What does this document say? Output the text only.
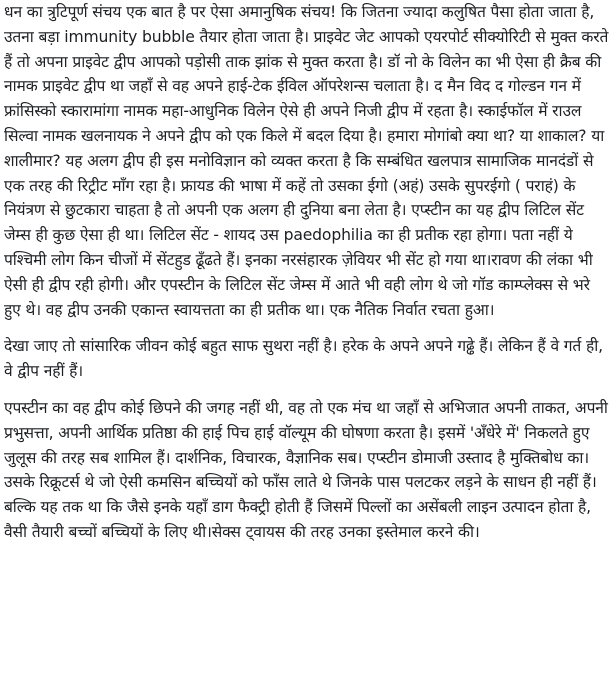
धन का त्रुटिपूर्ण संचय एक बात है पर ऐसा अमानुषिक संचय! कि जितना ज्यादा कलुषित पैसा होता जाता है, उतना बड़ा immunity bubble तैयार होता जाता है। प्राइवेट जेट आपको एयरपोर्ट सीक्योरिटी से मुक्त करते हैं तो अपना प्राइवेट द्वीप आपको पड़ोसी ताक झांक से मुक्त करता है। डॉ नो के विलेन का भी ऐसा ही क्रैब की नामक प्राइवेट द्वीप था जहाँ से वह अपने हाई-टेक ईविल ऑपरेशन्स चलाता है। द मैन विद द गोल्डन गन में फ्रांसिस्को स्कारामांगा नामक महा-आधुनिक विलेन ऐसे ही अपने निजी द्वीप में रहता है। स्काईफॉल में राउल सिल्वा नामक खलनायक ने अपने द्वीप को एक किले में बदल दिया है। हमारा मोगांबो क्या था? या शाकाल? या शालीमार? यह अलग द्वीप ही इस मनोविज्ञान को व्यक्त करता है कि सम्बंधित खलपात्र सामाजिक मानदंडों से एक तरह की रिट्रीट माँग रहा है। फ्रायड की भाषा में कहें तो उसका ईगो (अहं) उसके सुपरईगो ( पराहं) के नियंत्रण से छुटकारा चाहता है तो अपनी एक अलग ही दुनिया बना लेता है। एप्स्टीन का यह द्वीप लिटिल सेंट जेम्स ही कुछ ऐसा ही था। लिटिल सेंट - शायद उस paedophilia का ही प्रतीक रहा होगा। पता नहीं ये पश्चिमी लोग किन चीजों में सेंटहुड ढूँढते हैं। इनका नरसंहारक ज़ेवियर भी सेंट हो गया था।रावण की लंका भी ऐसी ही द्वीप रही होगी। और एपस्टीन के लिटिल सेंट जेम्स में आते भी वही लोग थे जो गॉड काम्प्लेक्स से भरे हुए थे। वह द्वीप उनकी एकान्त स्वायत्तता का ही प्रतीक था। एक नैतिक निर्वात रचता हुआ।

देखा जाए तो सांसारिक जीवन कोई बहुत साफ सुथरा नहीं है। हरेक के अपने अपने गढ्ढे हैं। लेकिन हैं वे गर्त ही, वे द्वीप नहीं हैं।

एपस्टीन का वह द्वीप कोई छिपने की जगह नहीं थी, वह तो एक मंच था जहाँ से अभिजात अपनी ताकत, अपनी प्रभुसत्ता, अपनी आर्थिक प्रतिष्ठा की हाई पिच हाई वॉल्यूम की घोषणा करता है। इसमें 'अँधेरे में' निकलते हुए जुलूस की तरह सब शामिल हैं। दार्शनिक, विचारक, वैज्ञानिक सब। एप्स्टीन डोमाजी उस्ताद है मुक्तिबोध का। उसके रिक्रूटर्स थे जो ऐसी कमसिन बच्चियों को फाँस लाते थे जिनके पास पलटकर लड़ने के साधन ही नहीं हैं।बल्कि यह तक था कि जैसे इनके यहाँ डाग फैक्ट्री होती हैं जिसमें पिल्लों का असेंबली लाइन उत्पादन होता है, वैसी तैयारी बच्चों बच्चियों के लिए थी।सेक्स ट्वायस की तरह उनका इस्तेमाल करने की।
